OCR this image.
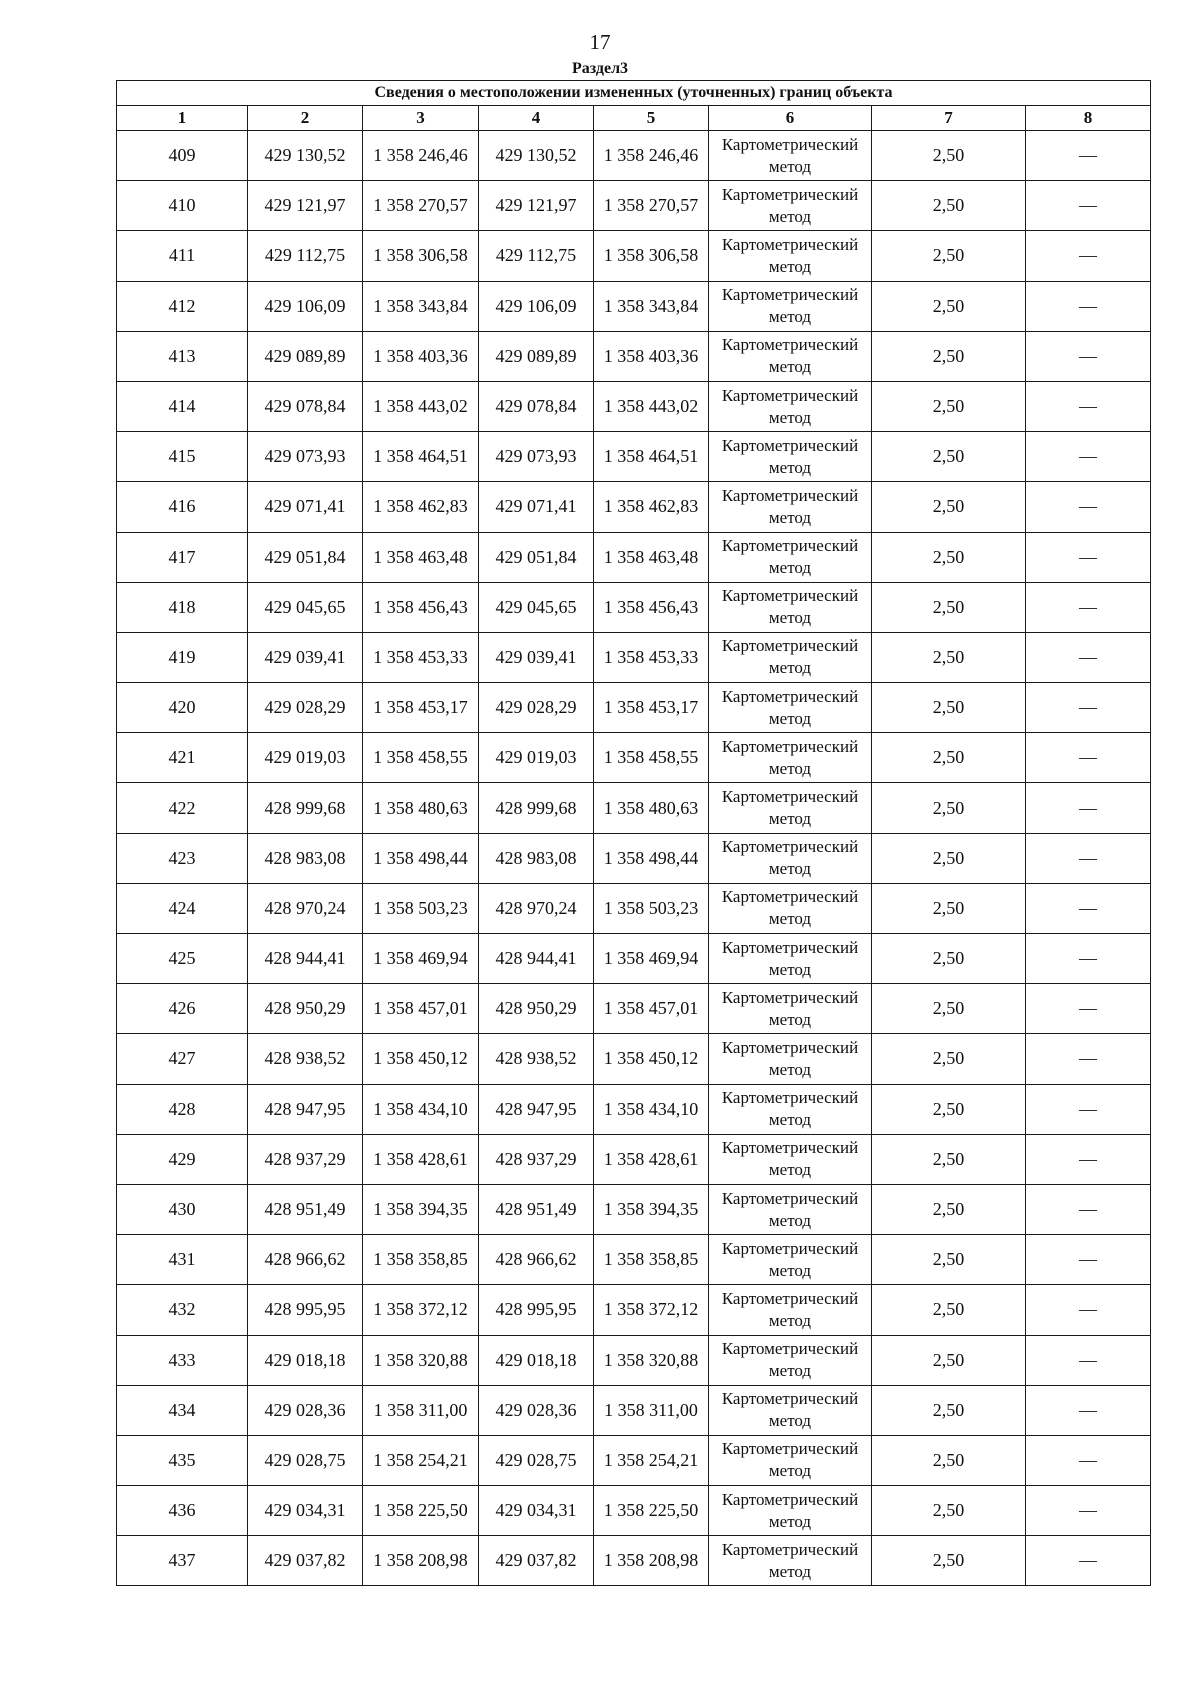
17
Раздел3
Сведения о местоположении измененных (уточненных) границ объекта							
1	2	3	4	5	6	7	8
409	429 130,52	1 358 246,46	429 130,52	1 358 246,46	Картометрический метод	2,50	—
410	429 121,97	1 358 270,57	429 121,97	1 358 270,57	Картометрический метод	2,50	—
411	429 112,75	1 358 306,58	429 112,75	1 358 306,58	Картометрический метод	2,50	—
412	429 106,09	1 358 343,84	429 106,09	1 358 343,84	Картометрический метод	2,50	—
413	429 089,89	1 358 403,36	429 089,89	1 358 403,36	Картометрический метод	2,50	—
414	429 078,84	1 358 443,02	429 078,84	1 358 443,02	Картометрический метод	2,50	—
415	429 073,93	1 358 464,51	429 073,93	1 358 464,51	Картометрический метод	2,50	—
416	429 071,41	1 358 462,83	429 071,41	1 358 462,83	Картометрический метод	2,50	—
417	429 051,84	1 358 463,48	429 051,84	1 358 463,48	Картометрический метод	2,50	—
418	429 045,65	1 358 456,43	429 045,65	1 358 456,43	Картометрический метод	2,50	—
419	429 039,41	1 358 453,33	429 039,41	1 358 453,33	Картометрический метод	2,50	—
420	429 028,29	1 358 453,17	429 028,29	1 358 453,17	Картометрический метод	2,50	—
421	429 019,03	1 358 458,55	429 019,03	1 358 458,55	Картометрический метод	2,50	—
422	428 999,68	1 358 480,63	428 999,68	1 358 480,63	Картометрический метод	2,50	—
423	428 983,08	1 358 498,44	428 983,08	1 358 498,44	Картометрический метод	2,50	—
424	428 970,24	1 358 503,23	428 970,24	1 358 503,23	Картометрический метод	2,50	—
425	428 944,41	1 358 469,94	428 944,41	1 358 469,94	Картометрический метод	2,50	—
426	428 950,29	1 358 457,01	428 950,29	1 358 457,01	Картометрический метод	2,50	—
427	428 938,52	1 358 450,12	428 938,52	1 358 450,12	Картометрический метод	2,50	—
428	428 947,95	1 358 434,10	428 947,95	1 358 434,10	Картометрический метод	2,50	—
429	428 937,29	1 358 428,61	428 937,29	1 358 428,61	Картометрический метод	2,50	—
430	428 951,49	1 358 394,35	428 951,49	1 358 394,35	Картометрический метод	2,50	—
431	428 966,62	1 358 358,85	428 966,62	1 358 358,85	Картометрический метод	2,50	—
432	428 995,95	1 358 372,12	428 995,95	1 358 372,12	Картометрический метод	2,50	—
433	429 018,18	1 358 320,88	429 018,18	1 358 320,88	Картометрический метод	2,50	—
434	429 028,36	1 358 311,00	429 028,36	1 358 311,00	Картометрический метод	2,50	—
435	429 028,75	1 358 254,21	429 028,75	1 358 254,21	Картометрический метод	2,50	—
436	429 034,31	1 358 225,50	429 034,31	1 358 225,50	Картометрический метод	2,50	—
437	429 037,82	1 358 208,98	429 037,82	1 358 208,98	Картометрический метод	2,50	—
